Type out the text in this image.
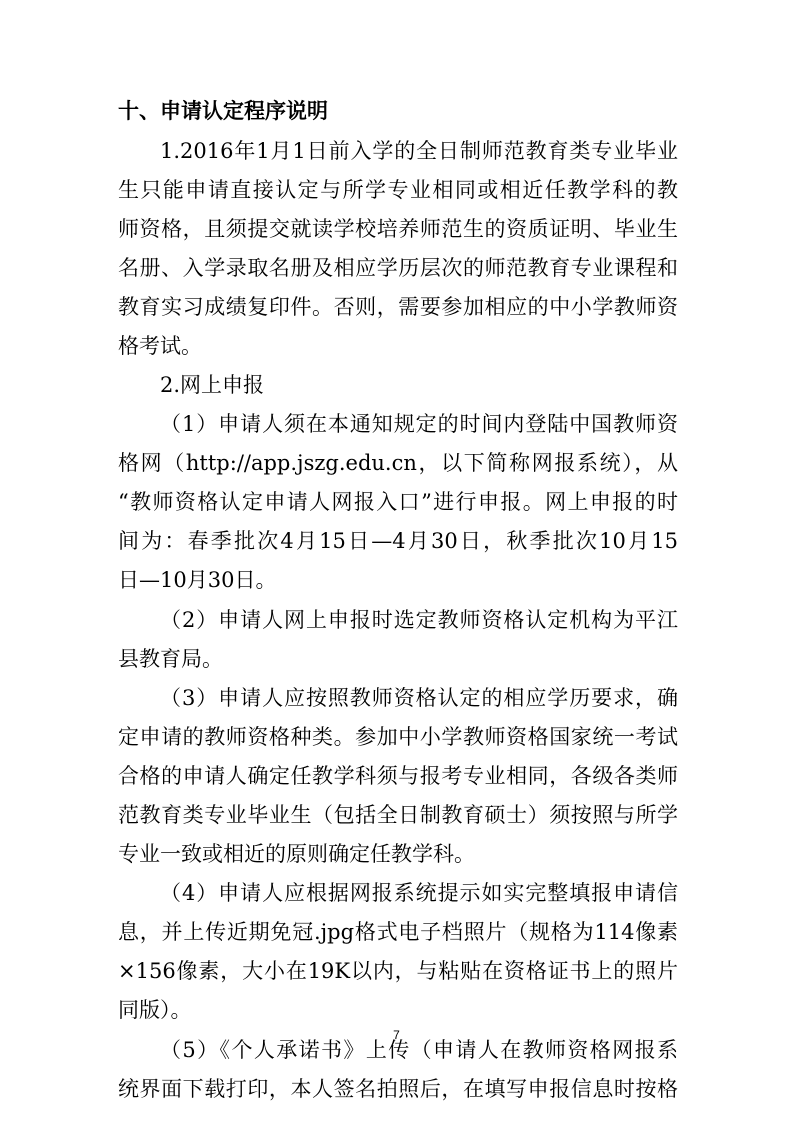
十、申请认定程序说明
1.2016年1月1日前入学的全日制师范教育类专业毕业
生只能申请直接认定与所学专业相同或相近任教学科的教
师资格，且须提交就读学校培养师范生的资质证明、毕业生
名册、入学录取名册及相应学历层次的师范教育专业课程和
教育实习成绩复印件。否则，需要参加相应的中小学教师资
格考试。
2.网上申报
（1）申请人须在本通知规定的时间内登陆中国教师资
格网（http://app.jszg.edu.cn，以下简称网报系统），从
“教师资格认定申请人网报入口”进行申报。网上申报的时
间为：春季批次4月15日—4月30日，秋季批次10月15
日—10月30日。
（2）申请人网上申报时选定教师资格认定机构为平江
县教育局。
（3）申请人应按照教师资格认定的相应学历要求，确
定申请的教师资格种类。参加中小学教师资格国家统一考试
合格的申请人确定任教学科须与报考专业相同，各级各类师
范教育类专业毕业生（包括全日制教育硕士）须按照与所学
专业一致或相近的原则确定任教学科。
（4）申请人应根据网报系统提示如实完整填报申请信
息，并上传近期免冠.jpg格式电子档照片（规格为114像素
×156像素，大小在19K以内，与粘贴在资格证书上的照片
同版）。
（5）《个人承诺书》上传（申请人在教师资格网报系
统界面下载打印，本人签名拍照后，在填写申报信息时按格
7
